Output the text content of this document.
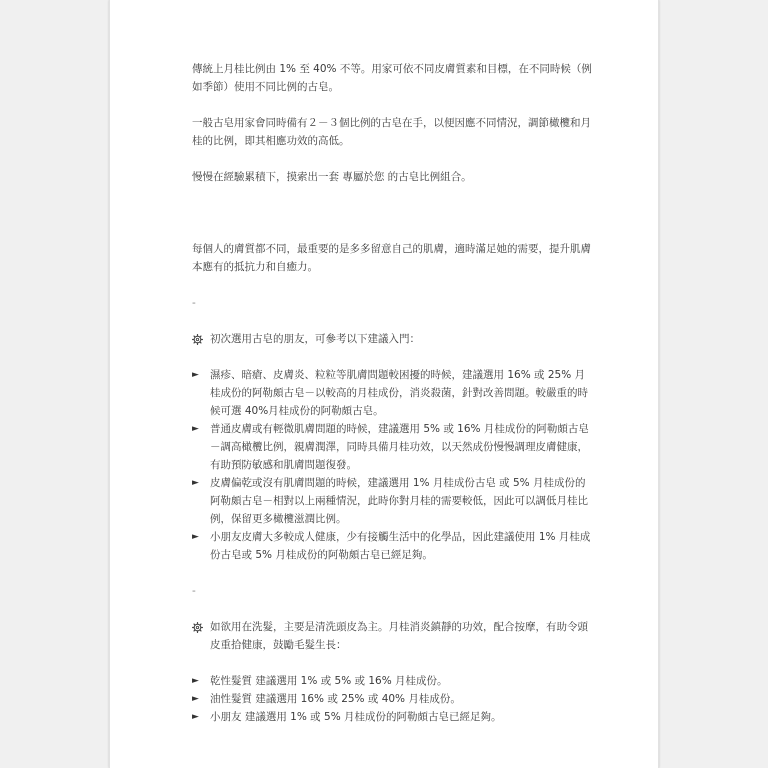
傳統上月桂比例由 1% 至 40% 不等。用家可依不同皮膚質素和目標，在不同時候（例如季節）使用不同比例的古皂。

一般古皂用家會同時備有２－３個比例的古皂在手，以便因應不同情況，調節橄欖和月桂的比例，即其相應功效的高低。

慢慢在經驗累積下，摸索出一套 專屬於您 的古皂比例組合。

每個人的膚質都不同，最重要的是多多留意自己的肌膚，適時滿足她的需要，提升肌膚本應有的抵抗力和自癒力。

-

初次選用古皂的朋友，可參考以下建議入門：
►	濕疹、暗瘡、皮膚炎、粒粒等肌膚問題較困擾的時候，建議選用 16% 或 25% 月桂成份的阿勒頗古皂－以較高的月桂成份，消炎殺菌，針對改善問題。較嚴重的時候可選 40%月桂成份的阿勒頗古皂。
►	普通皮膚或有輕微肌膚問題的時候，建議選用 5% 或 16% 月桂成份的阿勒頗古皂－調高橄欖比例，親膚潤澤，同時具備月桂功效，以天然成份慢慢調理皮膚健康，有助預防敏感和肌膚問題復發。
►	皮膚偏乾或沒有肌膚問題的時候，建議選用 1% 月桂成份古皂 或 5% 月桂成份的阿勒頗古皂－相對以上兩種情況，此時你對月桂的需要較低，因此可以調低月桂比例，保留更多橄欖滋潤比例。
►	小朋友皮膚大多較成人健康，少有接觸生活中的化學品，因此建議使用 1% 月桂成份古皂或 5% 月桂成份的阿勒頗古皂已經足夠。

-

如欲用在洗髮，主要是清洗頭皮為主。月桂消炎鎮靜的功效，配合按摩，有助令頭皮重拾健康，鼓勵毛髮生長：
►	乾性髮質 建議選用 1% 或 5% 或 16% 月桂成份。
►	油性髮質 建議選用 16% 或 25% 或 40% 月桂成份。
►	小朋友 建議選用 1% 或 5% 月桂成份的阿勒頗古皂已經足夠。
